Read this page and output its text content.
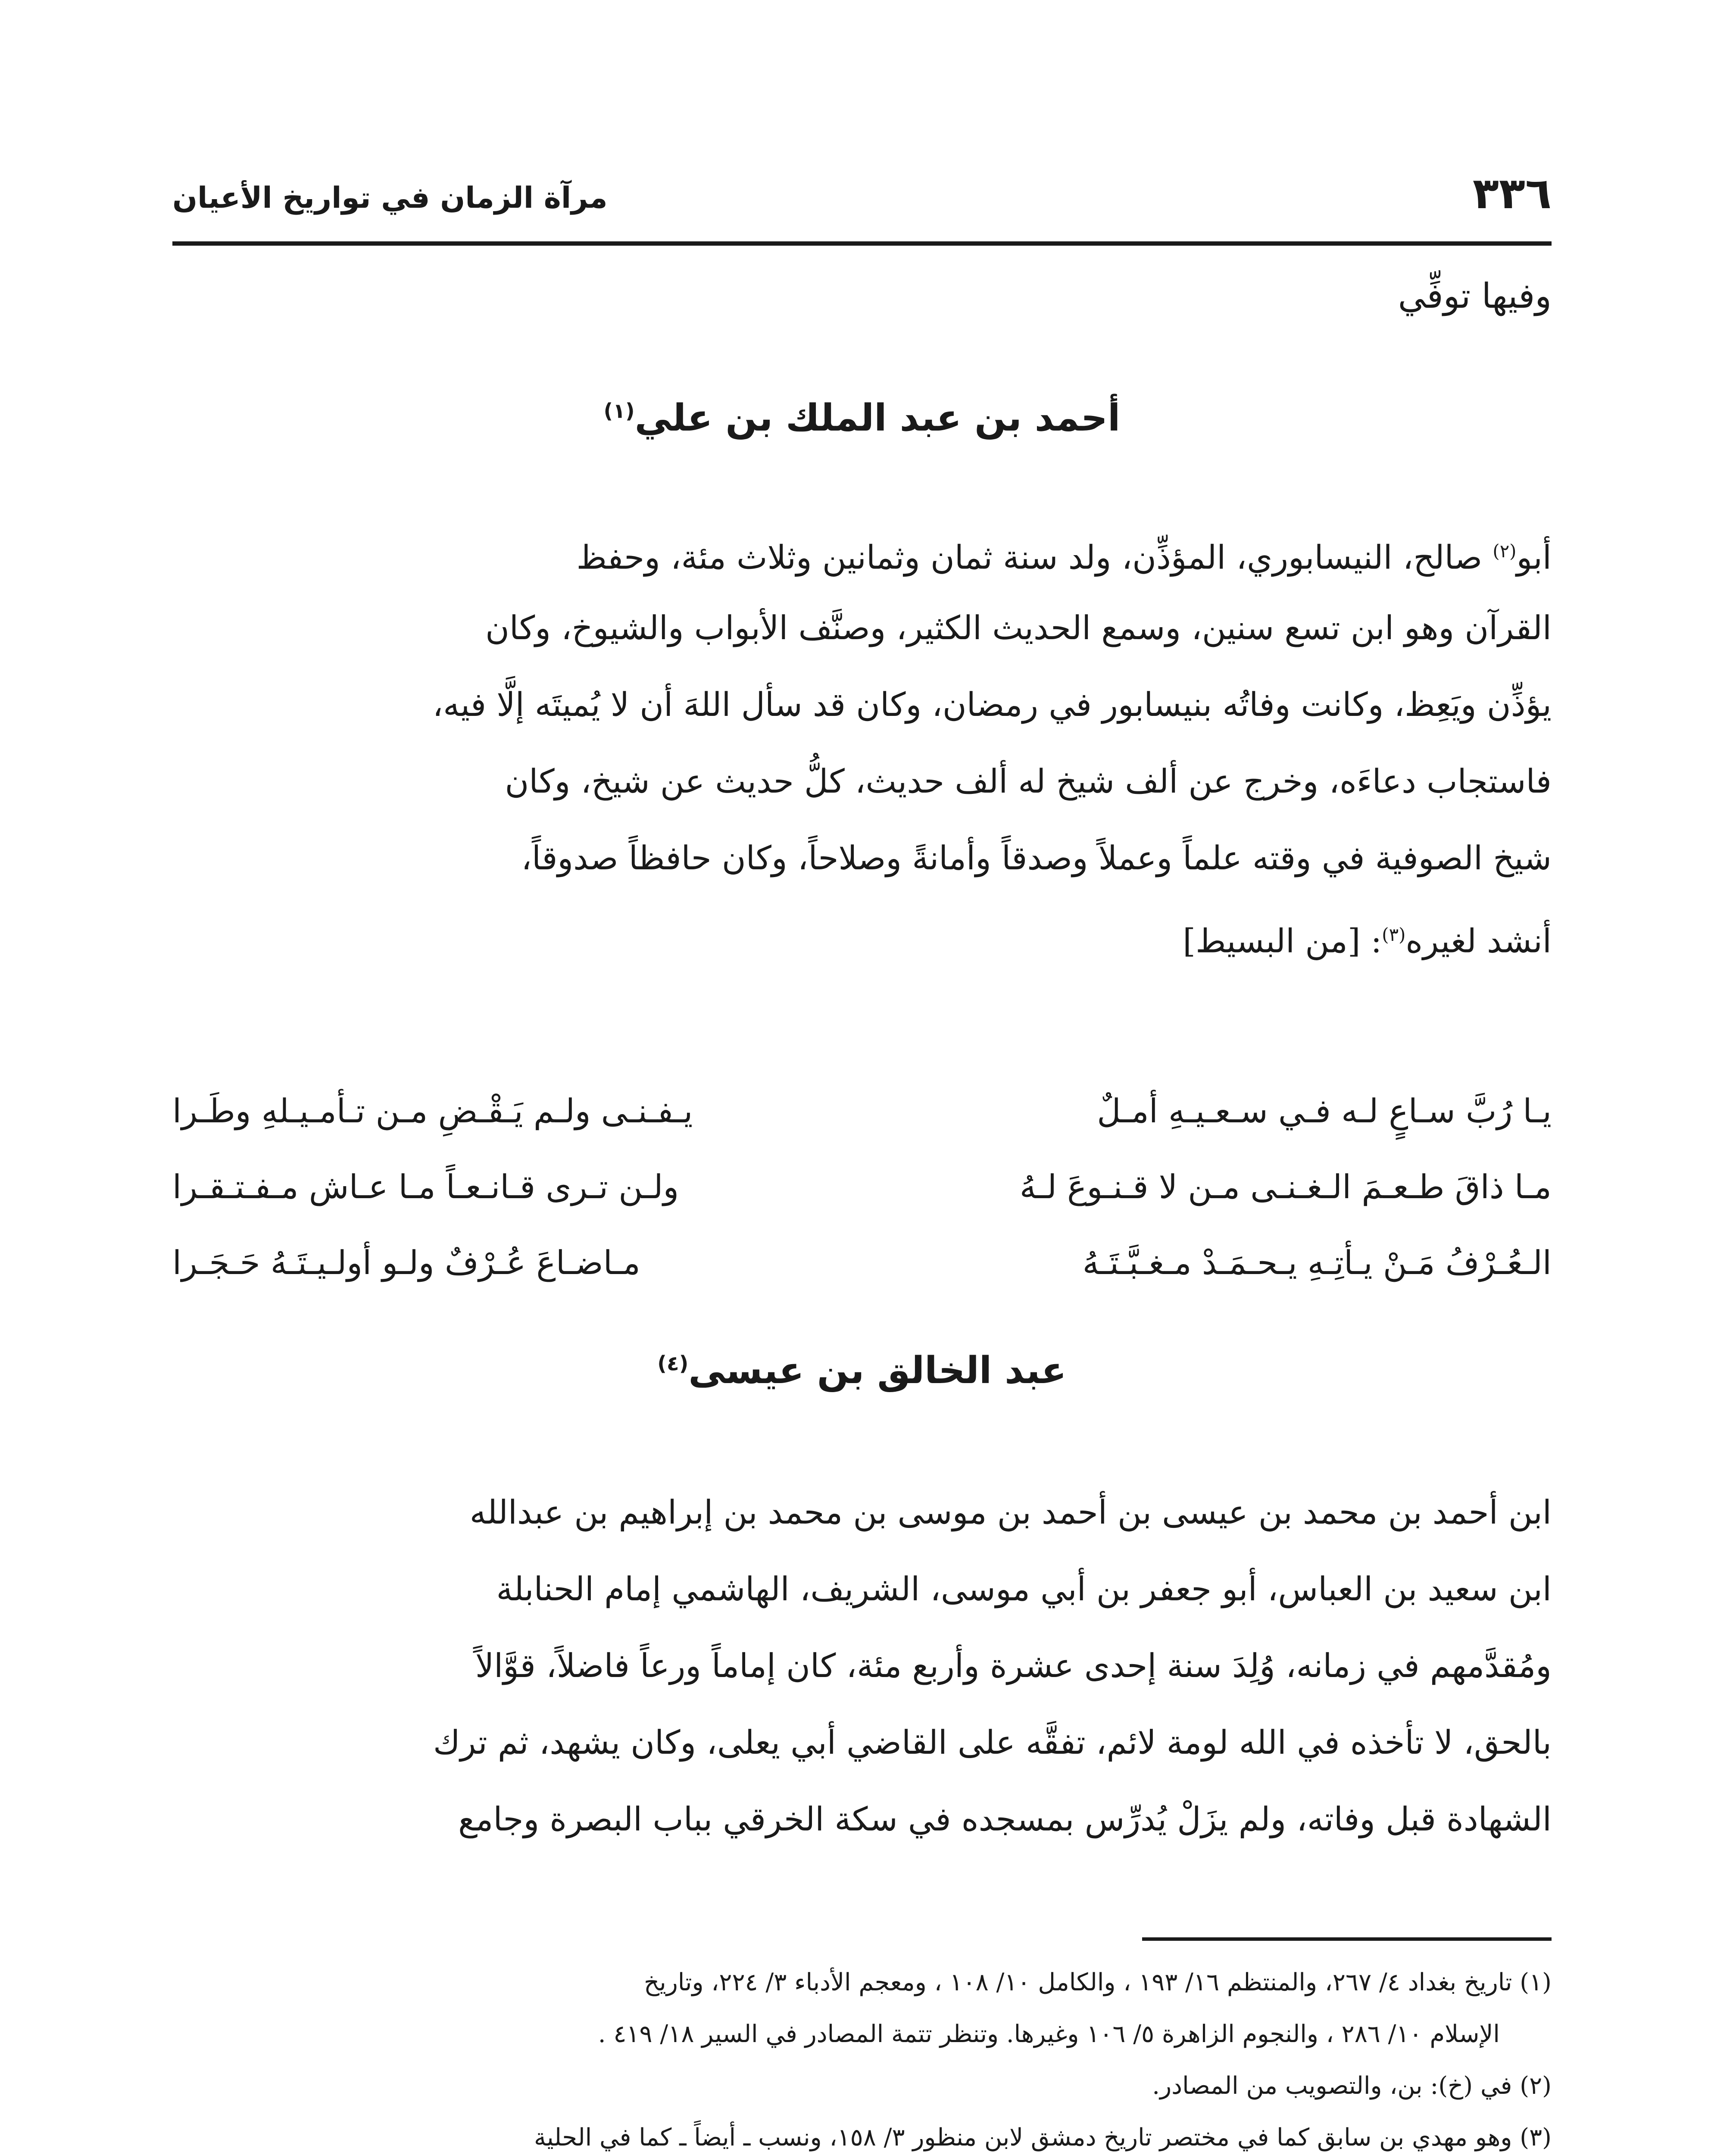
٣٣٦
مرآة الزمان في تواريخ الأعيان
وفيها توفِّي
أحمد بن عبد الملك بن علي$^{(١)}$
أبو$^{(٢)}$ صالح، النيسابوري، المؤذِّن، ولد سنة ثمان وثمانين وثلاث مئة، وحفظ
القرآن وهو ابن تسع سنين، وسمع الحديث الكثير، وصنَّف الأبواب والشيوخ، وكان
يؤذِّن ويَعِظ، وكانت وفاتُه بنيسابور في رمضان، وكان قد سأل اللهَ أن لا يُميتَه إلَّا فيه،
فاستجاب دعاءَه، وخرج عن ألف شيخ له ألف حديث، كلُّ حديث عن شيخ، وكان
شيخ الصوفية في وقته علماً وعملاً وصدقاً وأمانةً وصلاحاً، وكان حافظاً صدوقاً،
أنشد لغيره$^{(٣)}$: [من البسيط]
يـا رُبَّ سـاعٍ لـه فـي سـعـيـهِ أمـلٌ
يـفـنـى ولـم يَـقْـضِ مـن تـأمـيـلهِ وطَـرا
مـا ذاقَ طـعـمَ الـغـنـى مـن لا قـنـوعَ لـهُ
ولـن تـرى قـانـعـاً مـا عـاش مـفـتـقـرا
الـعُـرْفُ مَـنْ يـأتِـهِ يـحـمَـدْ مـغـبَّـتَـهُ
مـاضـاعَ عُـرْفٌ ولـو أولـيـتَـهُ حَـجَـرا
عبد الخالق بن عيسى$^{(٤)}$
ابن أحمد بن محمد بن عيسى بن أحمد بن موسى بن محمد بن إبراهيم بن عبدالله
ابن سعيد بن العباس، أبو جعفر بن أبي موسى، الشريف، الهاشمي إمام الحنابلة
ومُقدَّمهم في زمانه، وُلِدَ سنة إحدى عشرة وأربع مئة، كان إماماً ورعاً فاضلاً، قوَّالاً
بالحق، لا تأخذه في الله لومة لائم، تفقَّه على القاضي أبي يعلى، وكان يشهد، ثم ترك
الشهادة قبل وفاته، ولم يزَلْ يُدرِّس بمسجده في سكة الخرقي بباب البصرة وجامع
(١) تاريخ بغداد ٤/ ٢٦٧، والمنتظم ١٦/ ١٩٣ ، والكامل ١٠/ ١٠٨ ، ومعجم الأدباء ٣/ ٢٢٤، وتاريخ
الإسلام ١٠/ ٢٨٦ ، والنجوم الزاهرة ٥/ ١٠٦ وغيرها. وتنظر تتمة المصادر في السير ١٨/ ٤١٩ .
(٢) في (خ): بن، والتصويب من المصادر.
(٣) وهو مهدي بن سابق كما في مختصر تاريخ دمشق لابن منظور ٣/ ١٥٨، ونسب ـ أيضاً ـ كما في الحلية
